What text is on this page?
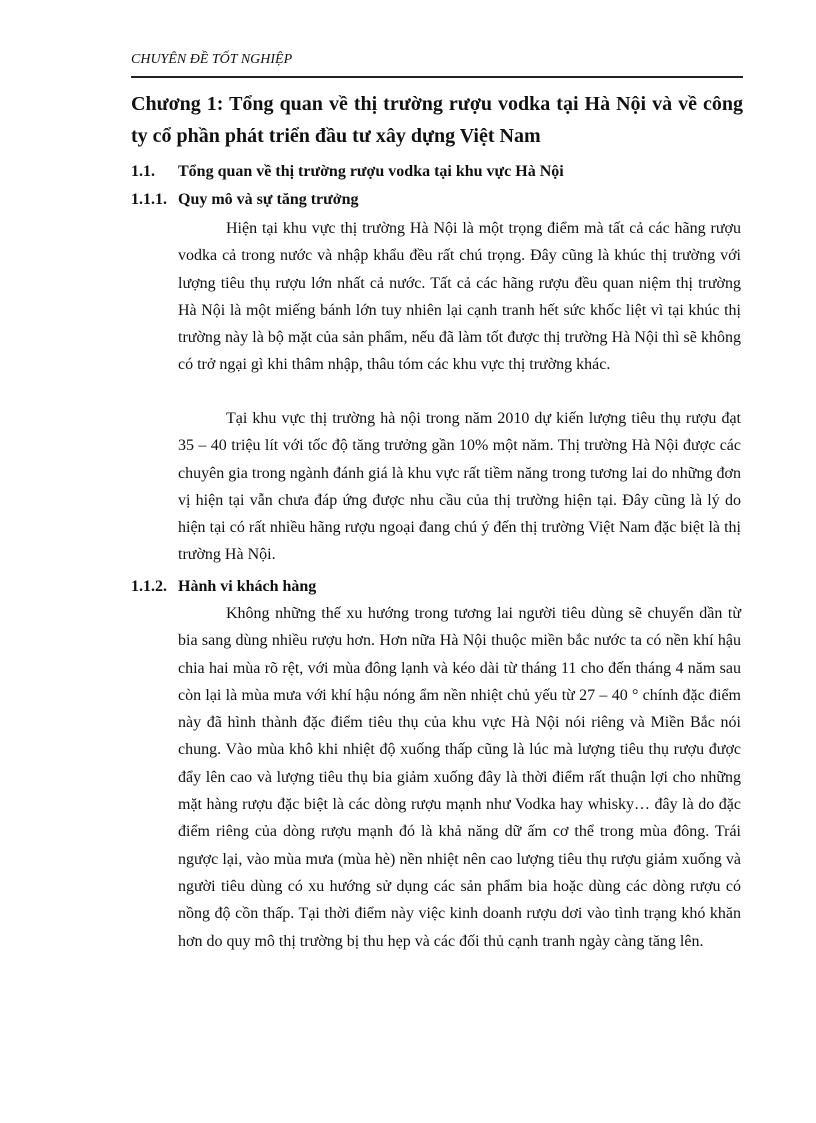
CHUYÊN ĐỀ TỐT NGHIỆP
Chương 1: Tổng quan về thị trường rượu vodka tại Hà Nội và về công ty cổ phần phát triển đầu tư xây dựng Việt Nam
1.1. Tổng quan về thị trường rượu vodka tại khu vực Hà Nội
1.1.1. Quy mô và sự tăng trưởng

Hiện tại khu vực thị trường Hà Nội là một trọng điểm mà tất cả các hãng rượu vodka cả trong nước và nhập khẩu đều rất chú trọng. Đây cũng là khúc thị trường với lượng tiêu thụ rượu lớn nhất cả nước. Tất cả các hãng rượu đều quan niệm thị trường Hà Nội là một miếng bánh lớn tuy nhiên lại cạnh tranh hết sức khốc liệt vì tại khúc thị trường này là bộ mặt của sản phẩm, nếu đã làm tốt được thị trường Hà Nội thì sẽ không có trở ngại gì khi thâm nhập, thâu tóm các khu vực thị trường khác.

Tại khu vực thị trường hà nội trong năm 2010 dự kiến lượng tiêu thụ rượu đạt 35 – 40 triệu lít với tốc độ tăng trưởng gần 10% một năm. Thị trường Hà Nội được các chuyên gia trong ngành đánh giá là khu vực rất tiềm năng trong tương lai do những đơn vị hiện tại vẫn chưa đáp ứng được nhu cầu của thị trường hiện tại. Đây cũng là lý do hiện tại có rất nhiều hãng rượu ngoại đang chú ý đến thị trường Việt Nam đặc biệt là thị trường Hà Nội.

1.1.2. Hành vi khách hàng

Không những thế xu hướng trong tương lai người tiêu dùng sẽ chuyển dần từ bia sang dùng nhiều rượu hơn. Hơn nữa Hà Nội thuộc miền bắc nước ta có nền khí hậu chia hai mùa rõ rệt, với mùa đông lạnh và kéo dài từ tháng 11 cho đến tháng 4 năm sau còn lại là mùa mưa với khí hậu nóng ẩm nền nhiệt chủ yếu từ 27 – 40 ° chính đặc điểm này đã hình thành đặc điểm tiêu thụ của khu vực Hà Nội nói riêng và Miền Bắc nói chung. Vào mùa khô khi nhiệt độ xuống thấp cũng là lúc mà lượng tiêu thụ rượu được đẩy lên cao và lượng tiêu thụ bia giảm xuống đây là thời điểm rất thuận lợi cho những mặt hàng rượu đặc biệt là các dòng rượu mạnh như Vodka hay whisky… đây là do đặc điểm riêng của dòng rượu mạnh đó là khả năng dữ ấm cơ thể trong mùa đông. Trái ngược lại, vào mùa mưa (mùa hè) nền nhiệt nên cao lượng tiêu thụ rượu giảm xuống và người tiêu dùng có xu hướng sử dụng các sản phẩm bia hoặc dùng các dòng rượu có nồng độ cồn thấp. Tại thời điểm này việc kinh doanh rượu dơi vào tình trạng khó khăn hơn do quy mô thị trường bị thu hẹp và các đối thủ cạnh tranh ngày càng tăng lên.
